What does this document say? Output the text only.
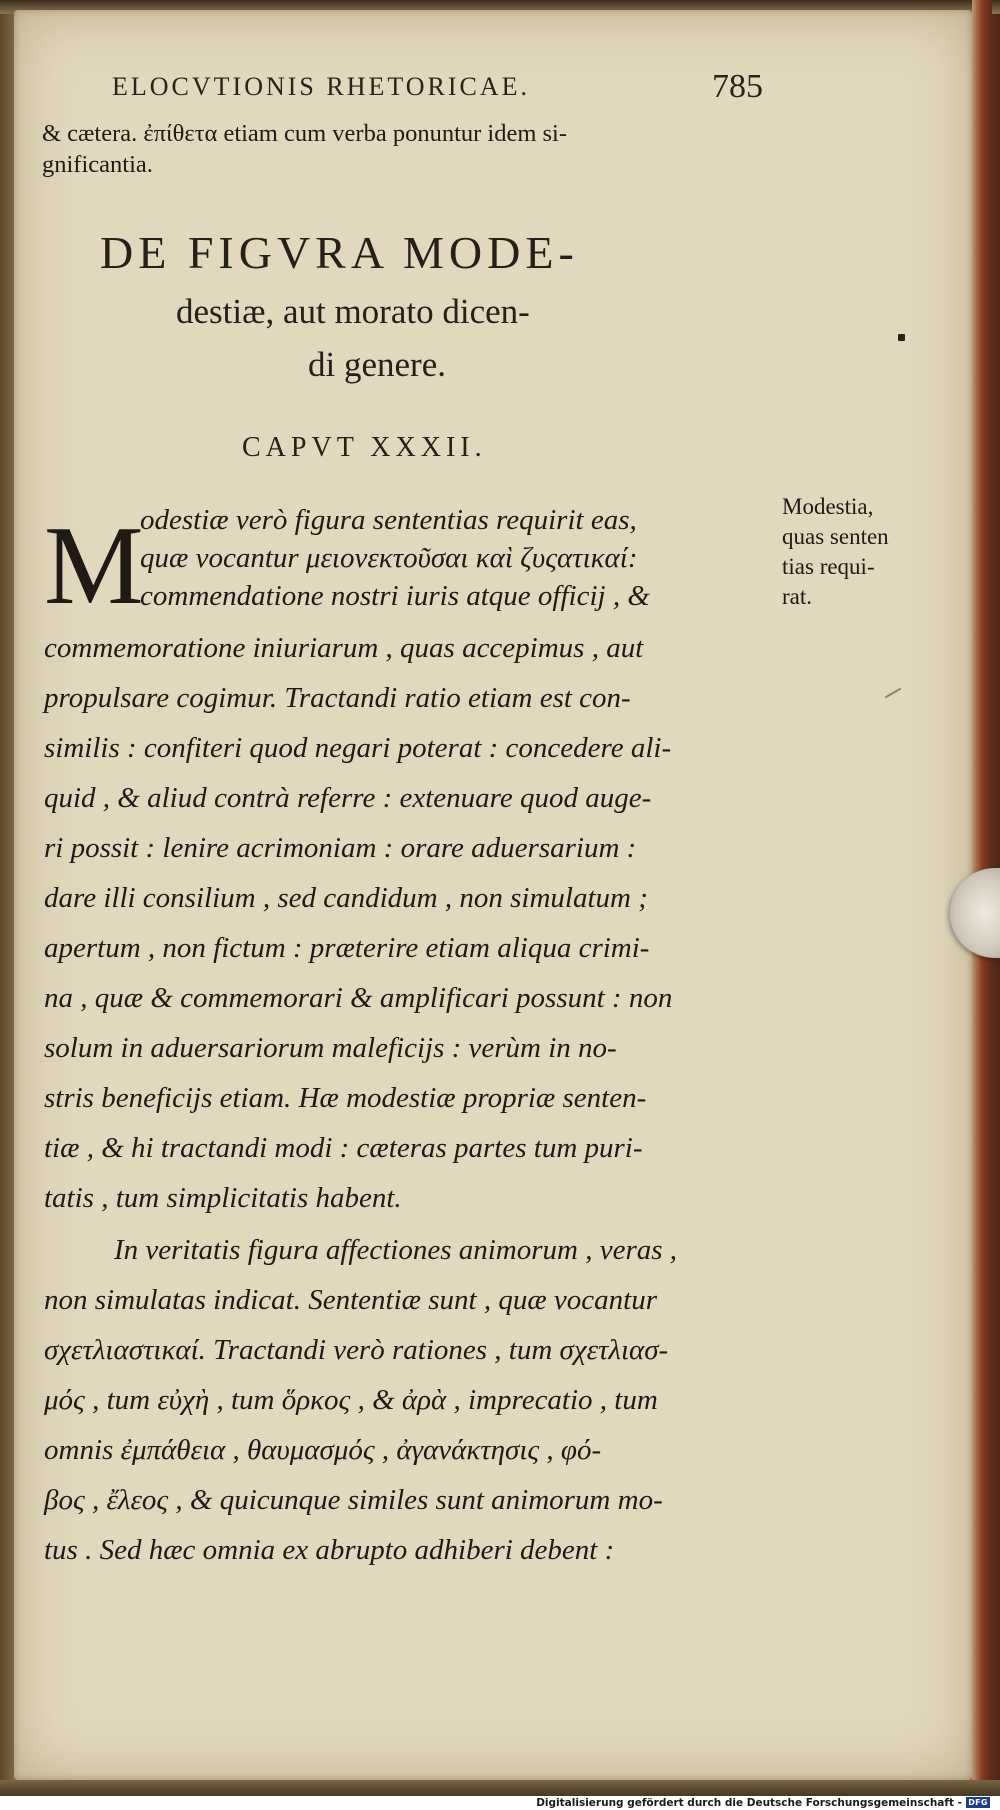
ELOCVTIONIS RHETORICAE.	785
& cætera. ἐπίθετα etiam cum verba ponuntur idem si-
gnificantia.
DE FIGVRA MODE-
destiæ, aut morato dicen-
di genere.
CAPVT XXXII.
M
odestiæ verò figura sententias requirit eas,
quæ vocantur μειονεκτοῦσαι καὶ ζυςατικαί:
commendatione nostri iuris atque officij , &
commemoratione iniuriarum , quas accepimus , aut
propulsare cogimur. Tractandi ratio etiam est con-
similis : confiteri quod negari poterat : concedere ali-
quid , & aliud contrà referre : extenuare quod auge-
ri possit : lenire acrimoniam : orare aduersarium :
dare illi consilium , sed candidum , non simulatum ;
apertum , non fictum : præterire etiam aliqua crimi-
na , quæ & commemorari & amplificari possunt : non
solum in aduersariorum maleficijs : verùm in no-
stris beneficijs etiam. Hæ modestiæ propriæ senten-
tiæ , & hi tractandi modi : cæteras partes tum puri-
tatis , tum simplicitatis habent.
In veritatis figura affectiones animorum , veras ,
non simulatas indicat. Sententiæ sunt , quæ vocantur
σχετλιαστικαί. Tractandi verò rationes , tum σχετλιασ-
μός , tum εὐχὴ , tum ὅρκος , & ἀρὰ , imprecatio , tum
omnis ἐμπάθεια , θαυμασμός , ἀγανάκτησις , φό-
βος , ἔλεος , & quicunque similes sunt animorum mo-
tus . Sed hæc omnia ex abrupto adhiberi debent :
Modestia,
quas senten
tias requi-
rat.
Digitalisierung gefördert durch die Deutsche Forschungsgemeinschaft - DFG
